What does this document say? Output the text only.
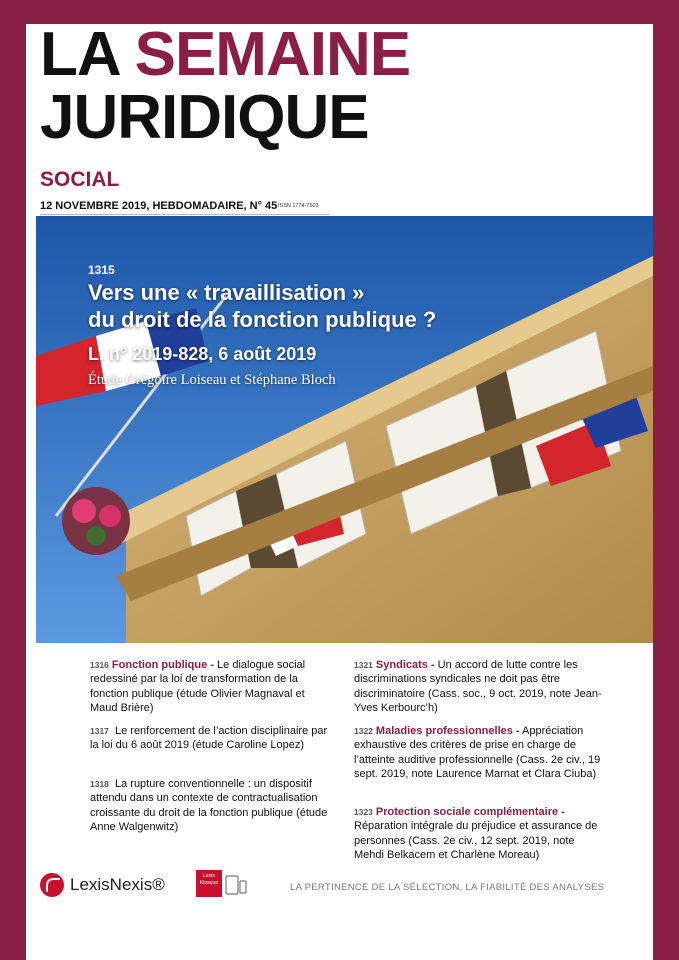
LA SEMAINE
JURIDIQUE
SOCIAL
12 NOVEMBRE 2019, HEBDOMADAIRE, N° 45 ISSN 1774-7503
1315
Vers une « travaillisation »
du droit de la fonction publique ?
L. n° 2019-828, 6 août 2019
Étude Grégoire Loiseau et Stéphane Bloch
1316 Fonction publique - Le dialogue social redessiné par la loi de transformation de la fonction publique (étude Olivier Magnaval et Maud Brière)
1317 Le renforcement de l’action disciplinaire par la loi du 6 août 2019 (étude Caroline Lopez)
1318 La rupture conventionnelle : un dispositif attendu dans un contexte de contractualisation croissante du droit de la fonction publique (étude Anne Walgenwitz)
1321 Syndicats - Un accord de lutte contre les discriminations syndicales ne doit pas être discriminatoire (Cass. soc., 9 oct. 2019, note Jean-Yves Kerbourc’h)
1322 Maladies professionnelles - Appréciation exhaustive des critères de prise en charge de l’atteinte auditive professionnelle (Cass. 2e civ., 19 sept. 2019, note Laurence Marnat et Clara Ciuba)
1323 Protection sociale complémentaire - Réparation intégrale du préjudice et assurance de personnes (Cass. 2e civ., 12 sept. 2019, note Mehdi Belkacem et Charlène Moreau)
LexisNexis®	Lexis
Kiosque	LA PERTINENCE DE LA SÉLECTION, LA FIABILITÉ DES ANALYSES
